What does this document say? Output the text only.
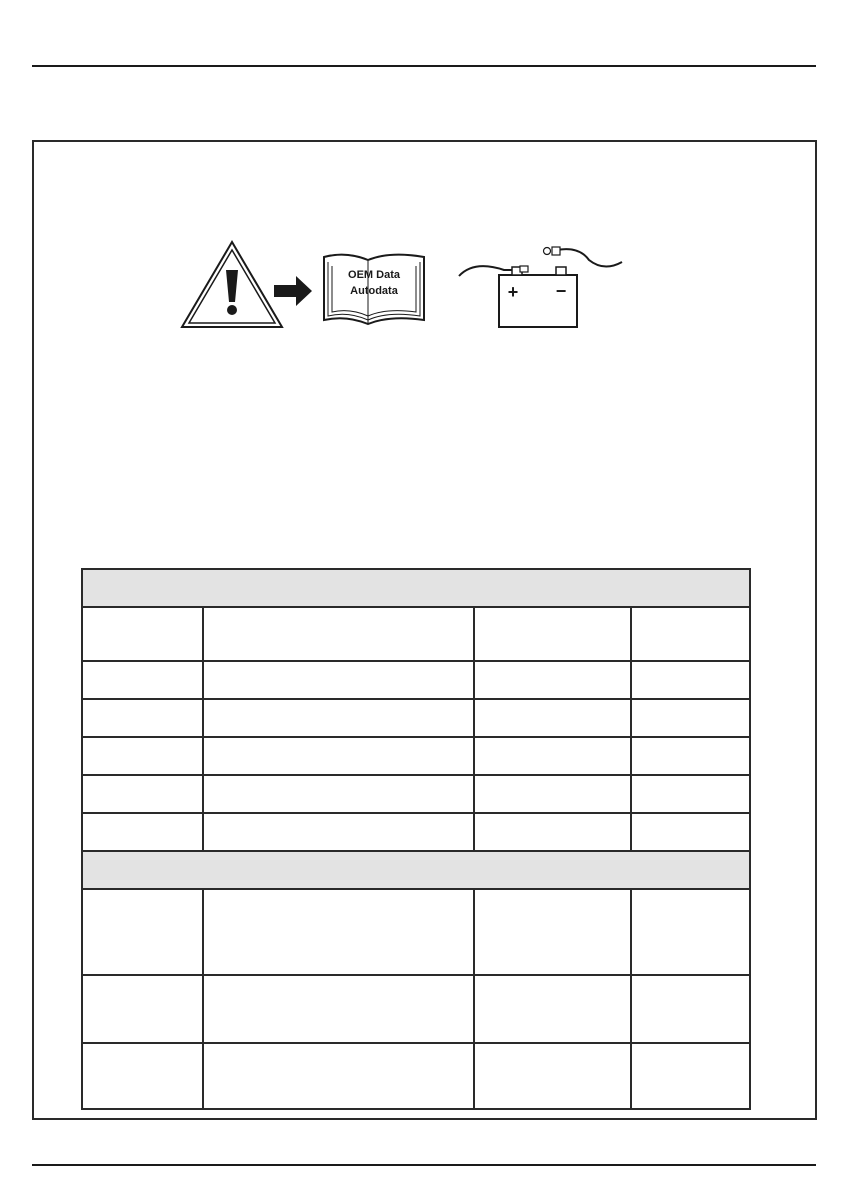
OEM Data
Autodata	+ −
